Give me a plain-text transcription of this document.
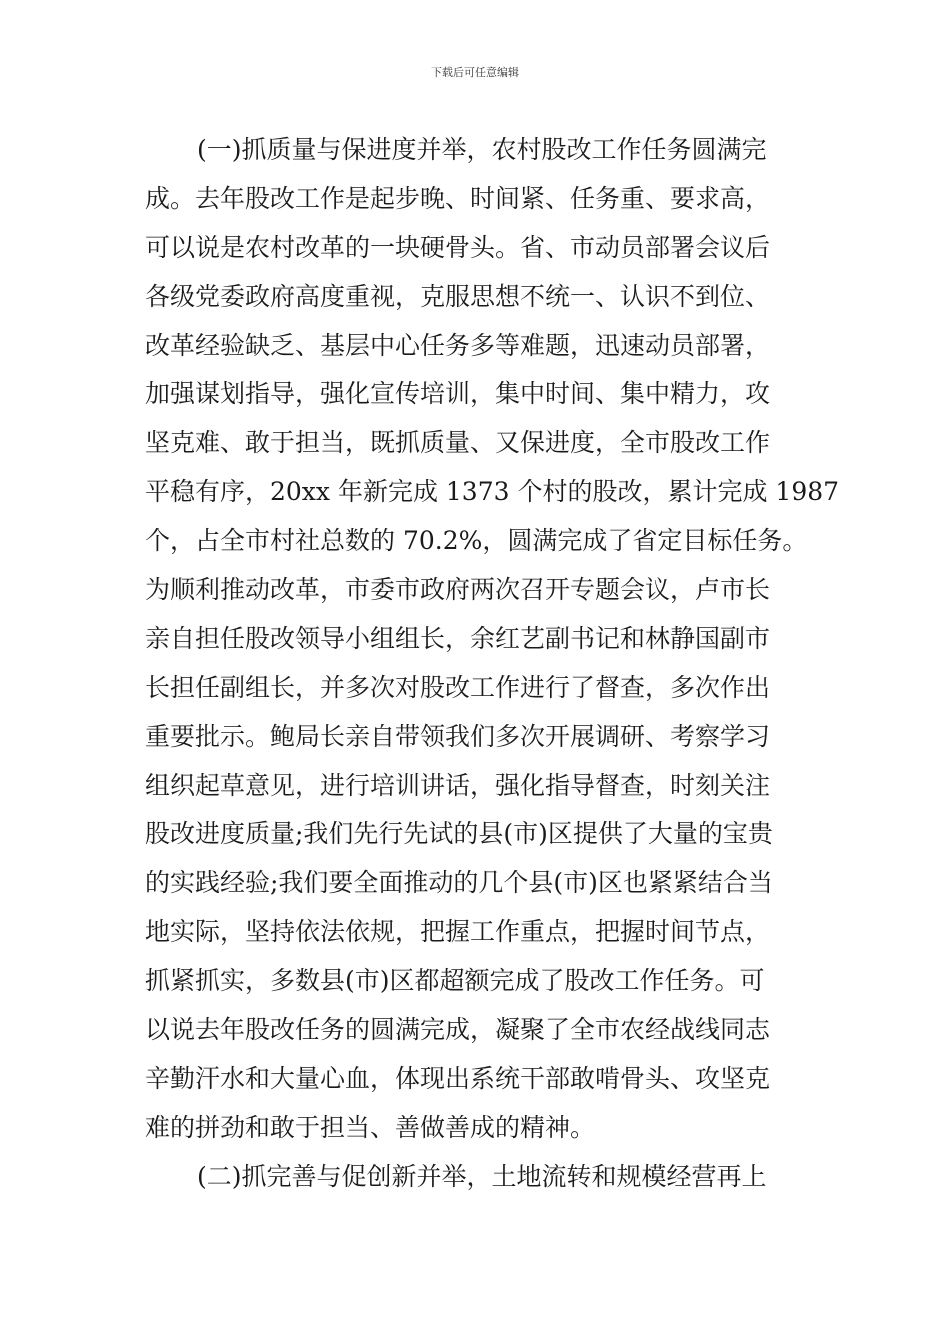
下载后可任意编辑
(一)抓质量与保进度并举，农村股改工作任务圆满完
成。去年股改工作是起步晚、时间紧、任务重、要求高，
可以说是农村改革的一块硬骨头。省、市动员部署会议后
各级党委政府高度重视，克服思想不统一、认识不到位、
改革经验缺乏、基层中心任务多等难题，迅速动员部署，
加强谋划指导，强化宣传培训，集中时间、集中精力，攻
坚克难、敢于担当，既抓质量、又保进度，全市股改工作
平稳有序，20xx 年新完成 1373 个村的股改，累计完成 1987
个，占全市村社总数的 70.2%，圆满完成了省定目标任务。
为顺利推动改革，市委市政府两次召开专题会议，卢市长
亲自担任股改领导小组组长，余红艺副书记和林静国副市
长担任副组长，并多次对股改工作进行了督查，多次作出
重要批示。鲍局长亲自带领我们多次开展调研、考察学习
组织起草意见，进行培训讲话，强化指导督查，时刻关注
股改进度质量;我们先行先试的县(市)区提供了大量的宝贵
的实践经验;我们要全面推动的几个县(市)区也紧紧结合当
地实际，坚持依法依规，把握工作重点，把握时间节点，
抓紧抓实，多数县(市)区都超额完成了股改工作任务。可
以说去年股改任务的圆满完成，凝聚了全市农经战线同志
辛勤汗水和大量心血，体现出系统干部敢啃骨头、攻坚克
难的拼劲和敢于担当、善做善成的精神。
(二)抓完善与促创新并举，土地流转和规模经营再上
